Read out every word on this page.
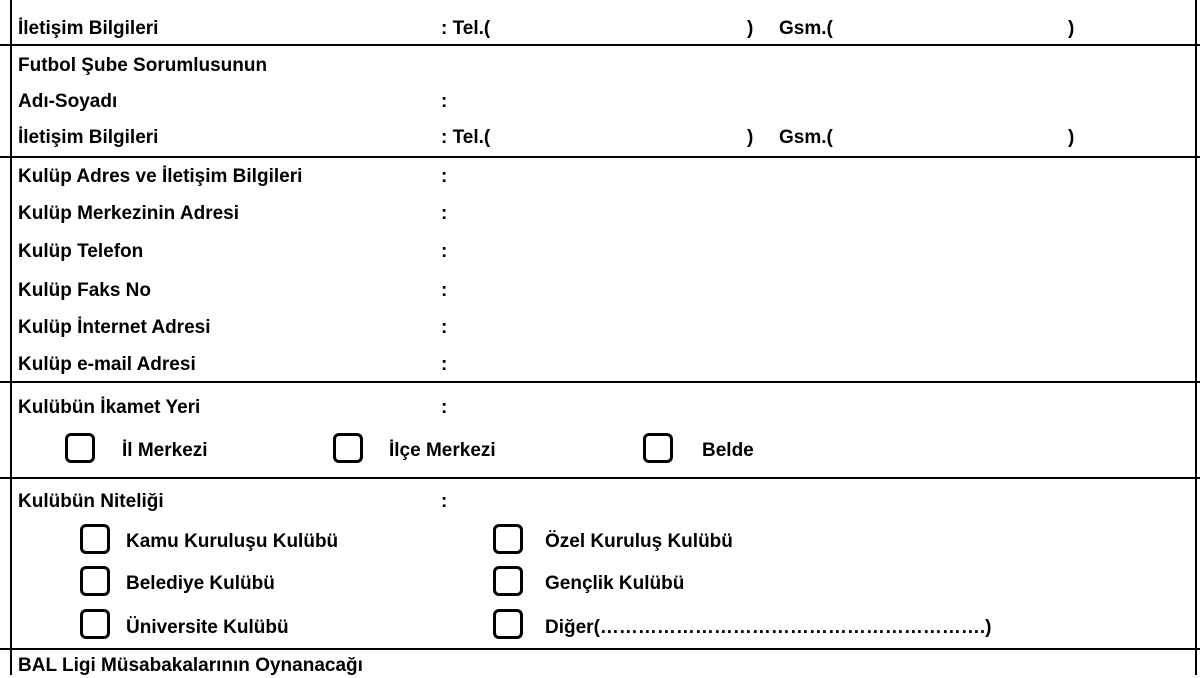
İletişim Bilgileri	: Tel.(	) Gsm.(	)
Futbol Şube Sorumlusunun
Adı-Soyadı	:
İletişim Bilgileri	: Tel.(	) Gsm.(	)
Kulüp Adres ve İletişim Bilgileri	:
Kulüp Merkezinin Adresi	:
Kulüp Telefon	:
Kulüp Faks No	:
Kulüp İnternet Adresi	:
Kulüp e-mail Adresi	:
Kulübün İkamet Yeri	:
İl Merkezi	İlçe Merkezi	Belde
Kulübün Niteliği	:
Kamu Kuruluşu Kulübü	Özel Kuruluş Kulübü
Belediye Kulübü	Gençlik Kulübü
Üniversite Kulübü	Diğer(…………………………………………………….)
BAL Ligi Müsabakalarının Oynanacağı
